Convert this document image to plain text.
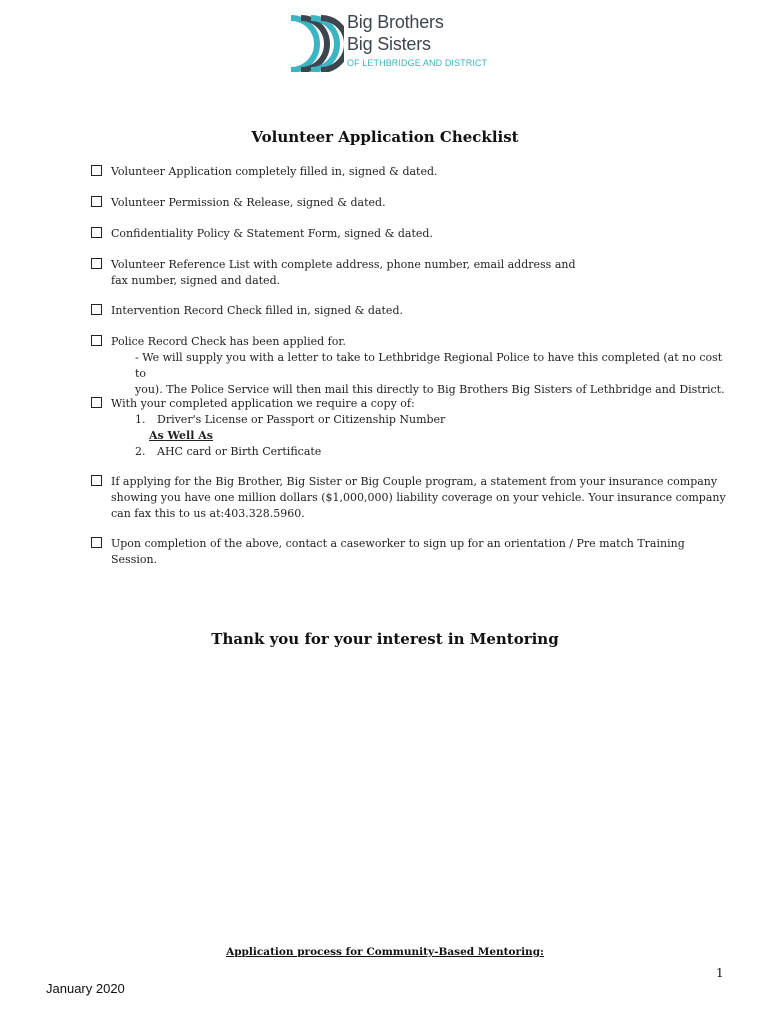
Big Brothers
Big Sisters
OF LETHBRIDGE AND DISTRICT
Volunteer Application Checklist
Volunteer Application completely filled in, signed & dated.
Volunteer Permission & Release, signed & dated.
Confidentiality Policy & Statement Form, signed & dated.
Volunteer Reference List with complete address, phone number, email address and
fax number, signed and dated.
Intervention Record Check filled in, signed & dated.
Police Record Check has been applied for.
- We will supply you with a letter to take to Lethbridge Regional Police to have this completed (at no cost to
you). The Police Service will then mail this directly to Big Brothers Big Sisters of Lethbridge and District.
With your completed application we require a copy of:
1. Driver's License or Passport or Citizenship Number
As Well As
2. AHC card or Birth Certificate
If applying for the Big Brother, Big Sister or Big Couple program, a statement from your insurance company
showing you have one million dollars ($1,000,000) liability coverage on your vehicle. Your insurance company
can fax this to us at:403.328.5960.
Upon completion of the above, contact a caseworker to sign up for an orientation / Pre match Training Session.
Thank you for your interest in Mentoring
Application process for Community-Based Mentoring:
1
January 2020
